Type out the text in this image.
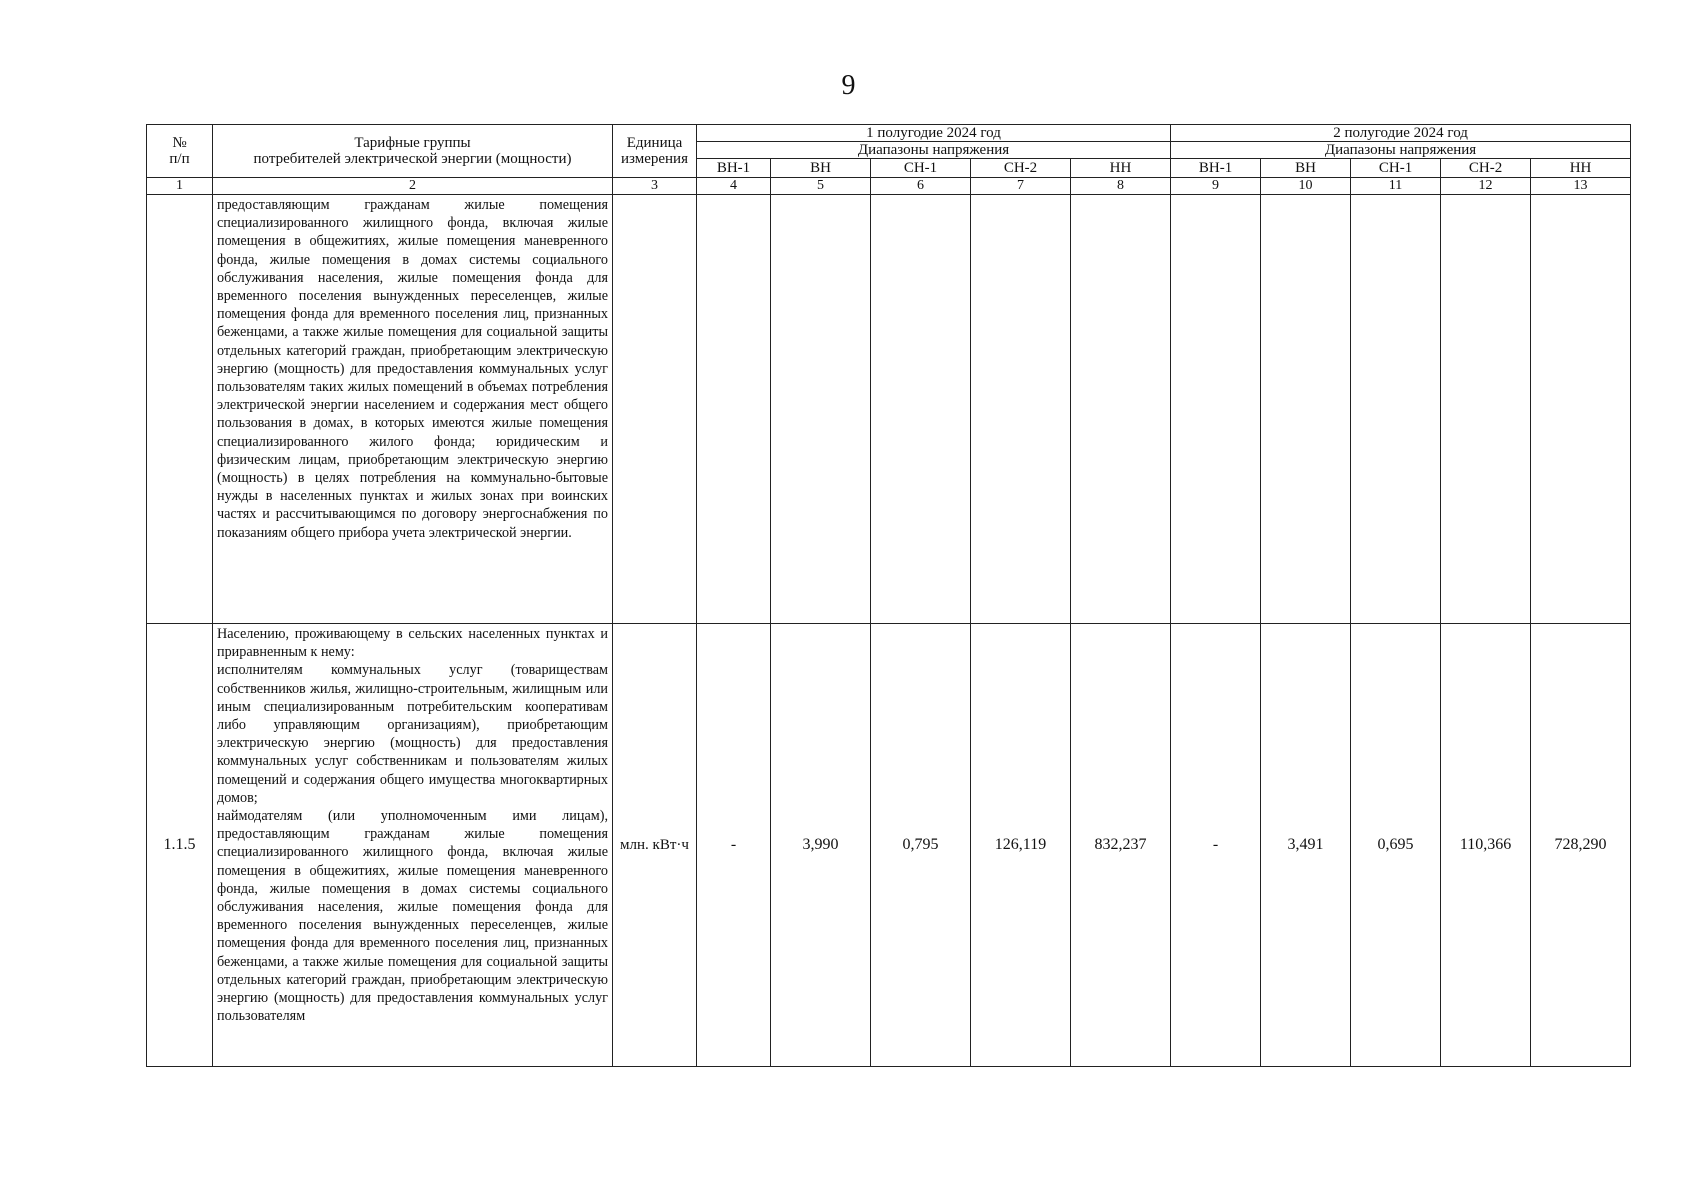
9
№
п/п	Тарифные группы
потребителей электрической энергии (мощности)	Единица
измерения	1 полугодие 2024 год					2 полугодие 2024 год				
			Диапазоны напряжения					Диапазоны напряжения				
			ВН-1	ВН	СН-1	СН-2	НН	ВН-1	ВН	СН-1	СН-2	НН
1	2	3	4	5	6	7	8	9	10	11	12	13
	предоставляющим гражданам жилые помещения специализированного жилищного фонда, включая жилые помещения в общежитиях, жилые помещения маневренного фонда, жилые помещения в домах системы социального обслуживания населения, жилые помещения фонда для временного поселения вынужденных переселенцев, жилые помещения фонда для временного поселения лиц, признанных беженцами, а также жилые помещения для социальной защиты отдельных категорий граждан, приобретающим электрическую энергию (мощность) для предоставления коммунальных услуг пользователям таких жилых помещений в объемах потребления электрической энергии населением и содержания мест общего пользования в домах, в которых имеются жилые помещения специализированного жилого фонда; юридическим и физическим лицам, приобретающим электрическую энергию (мощность) в целях потребления на коммунально-бытовые нужды в населенных пунктах и жилых зонах при воинских частях и рассчитывающимся по договору энергоснабжения по показаниям общего прибора учета электрической энергии.											
1.1.5	Населению, проживающему в сельских населенных пунктах и приравненным к нему:
исполнителям коммунальных услуг (товариществам собственников жилья, жилищно-строительным, жилищным или иным специализированным потребительским кооперативам либо управляющим организациям), приобретающим электрическую энергию (мощность) для предоставления коммунальных услуг собственникам и пользователям жилых помещений и содержания общего имущества многоквартирных домов;
наймодателям (или уполномоченным ими лицам), предоставляющим гражданам жилые помещения специализированного жилищного фонда, включая жилые помещения в общежитиях, жилые помещения маневренного фонда, жилые помещения в домах системы социального обслуживания населения, жилые помещения фонда для временного поселения вынужденных переселенцев, жилые помещения фонда для временного поселения лиц, признанных беженцами, а также жилые помещения для социальной защиты отдельных категорий граждан, приобретающим электрическую энергию (мощность) для предоставления коммунальных услуг пользователям	млн. кВт·ч	-	3,990	0,795	126,119	832,237	-	3,491	0,695	110,366	728,290
